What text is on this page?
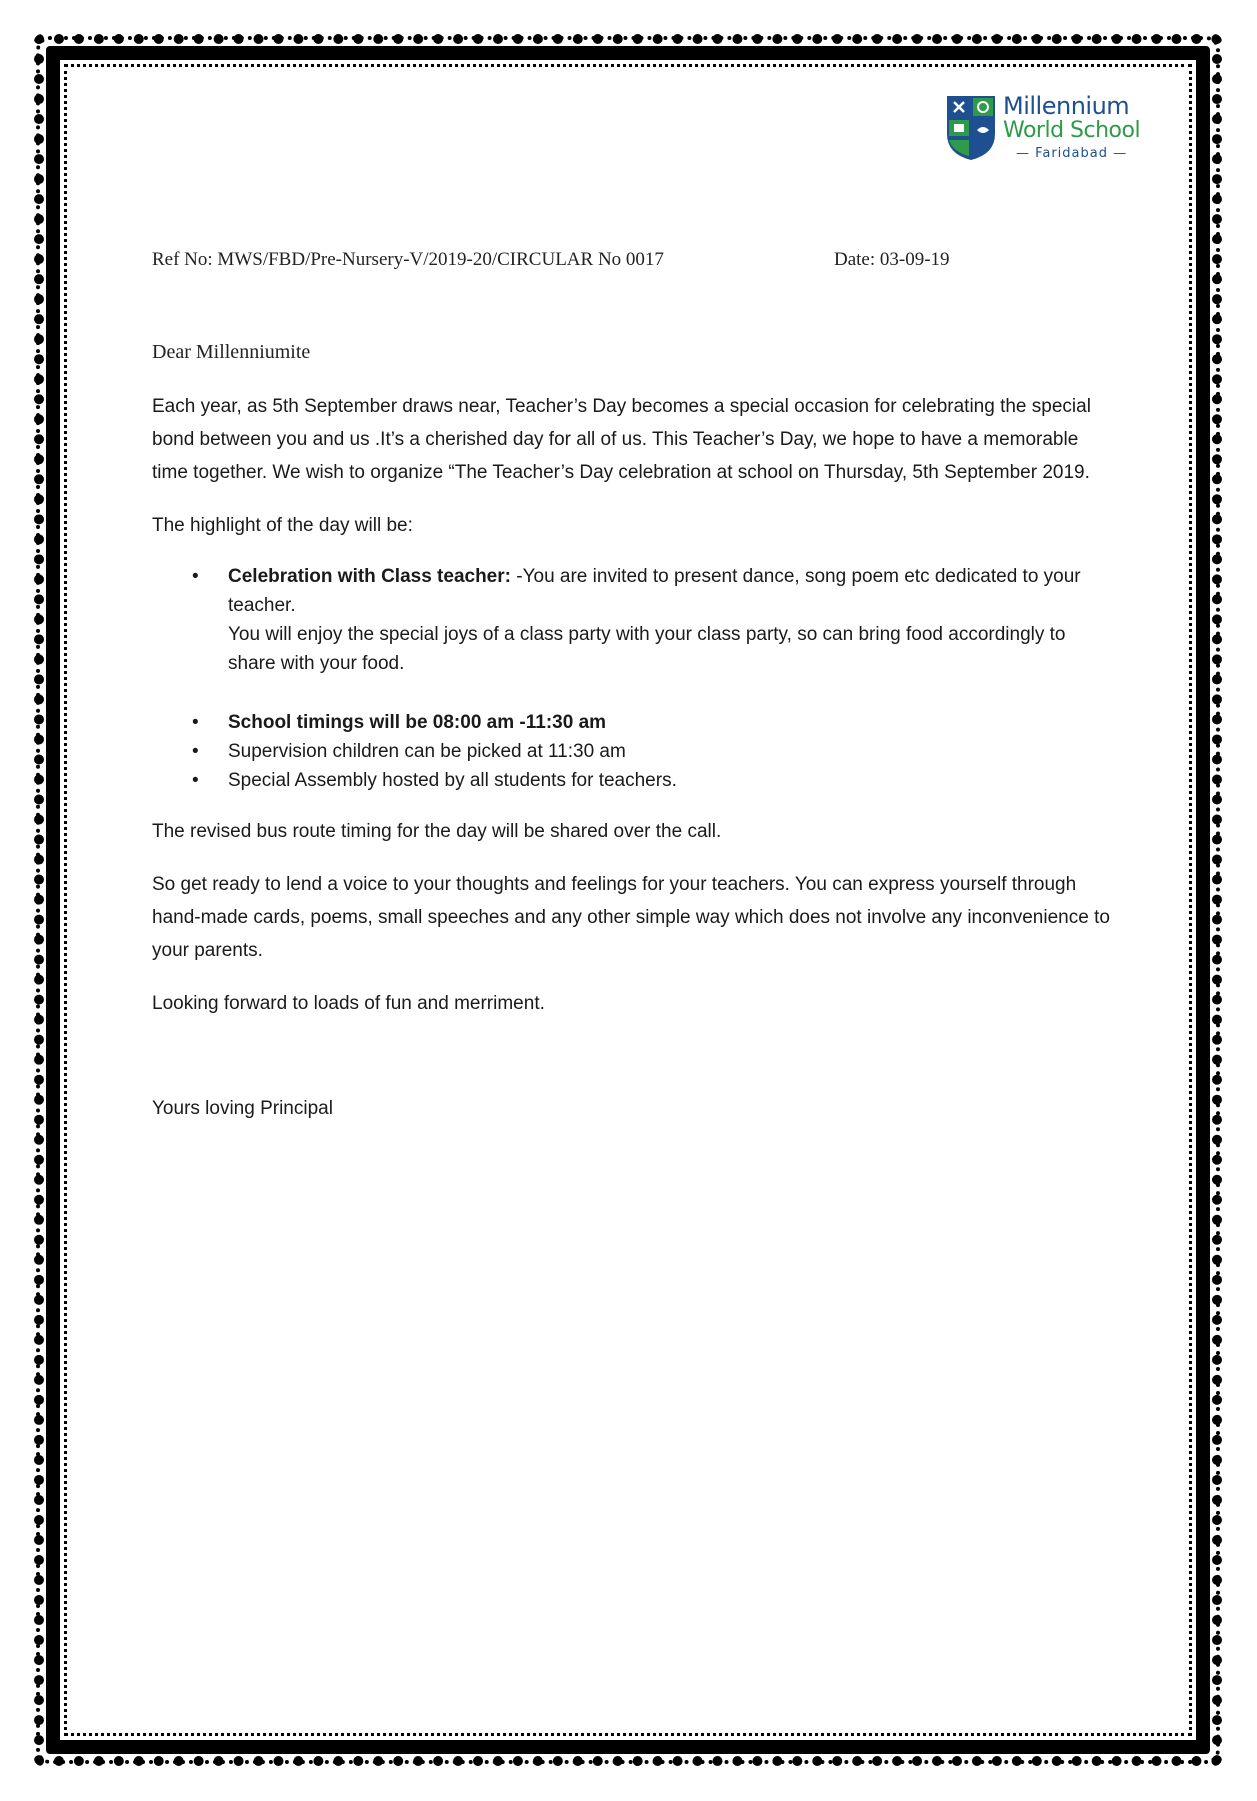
Millennium
World School
— Faridabad —
Ref No: MWS/FBD/Pre-Nursery-V/2019-20/CIRCULAR No 0017	Date: 03-09-19
Dear Millenniumite

Each year, as 5th September draws near, Teacher’s Day becomes a special occasion for celebrating the special bond between you and us .It’s a cherished day for all of us. This Teacher’s Day, we hope to have a memorable time together. We wish to organize “The Teacher’s Day celebration at school on Thursday, 5th September 2019.

The highlight of the day will be:

• Celebration with Class teacher: -You are invited to present dance, song poem etc dedicated to your teacher.
You will enjoy the special joys of a class party with your class party, so can bring food accordingly to share with your food.
• School timings will be 08:00 am -11:30 am
• Supervision children can be picked at 11:30 am
• Special Assembly hosted by all students for teachers.

The revised bus route timing for the day will be shared over the call.

So get ready to lend a voice to your thoughts and feelings for your teachers. You can express yourself through hand-made cards, poems, small speeches and any other simple way which does not involve any inconvenience to your parents.

Looking forward to loads of fun and merriment.

Yours loving Principal
